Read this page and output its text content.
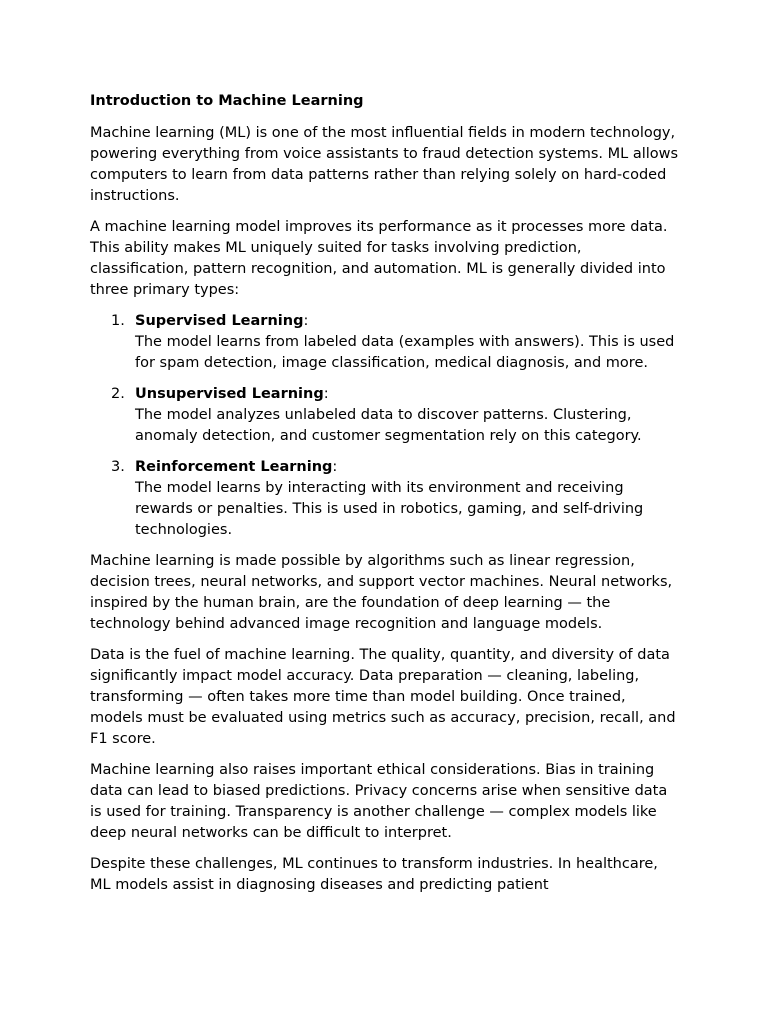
Introduction to Machine Learning

Machine learning (ML) is one of the most influential fields in modern technology, powering everything from voice assistants to fraud detection systems. ML allows computers to learn from data patterns rather than relying solely on hard-coded instructions.

A machine learning model improves its performance as it processes more data. This ability makes ML uniquely suited for tasks involving prediction, classification, pattern recognition, and automation. ML is generally divided into three primary types:

1. Supervised Learning:
The model learns from labeled data (examples with answers). This is used for spam detection, image classification, medical diagnosis, and more.
2. Unsupervised Learning:
The model analyzes unlabeled data to discover patterns. Clustering, anomaly detection, and customer segmentation rely on this category.
3. Reinforcement Learning:
The model learns by interacting with its environment and receiving rewards or penalties. This is used in robotics, gaming, and self-driving technologies.

Machine learning is made possible by algorithms such as linear regression, decision trees, neural networks, and support vector machines. Neural networks, inspired by the human brain, are the foundation of deep learning — the technology behind advanced image recognition and language models.

Data is the fuel of machine learning. The quality, quantity, and diversity of data significantly impact model accuracy. Data preparation — cleaning, labeling, transforming — often takes more time than model building. Once trained, models must be evaluated using metrics such as accuracy, precision, recall, and F1 score.

Machine learning also raises important ethical considerations. Bias in training data can lead to biased predictions. Privacy concerns arise when sensitive data is used for training. Transparency is another challenge — complex models like deep neural networks can be difficult to interpret.

Despite these challenges, ML continues to transform industries. In healthcare, ML models assist in diagnosing diseases and predicting patient
